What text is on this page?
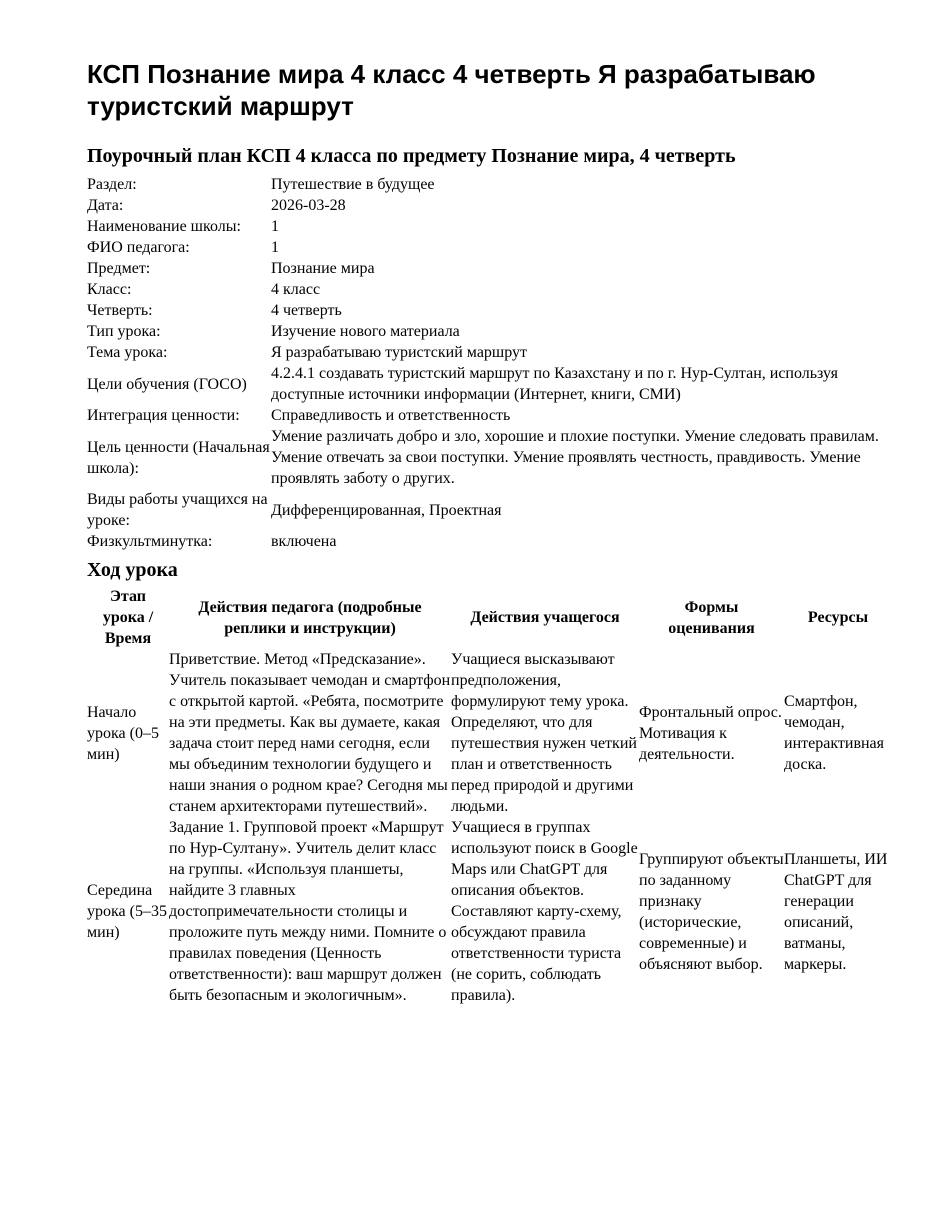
КСП Познание мира 4 класс 4 четверть Я разрабатываю туристский маршрут
Поурочный план КСП 4 класса по предмету Познание мира, 4 четверть
Раздел:	Путешествие в будущее
Дата:	2026-03-28
Наименование школы:	1
ФИО педагога:	1
Предмет:	Познание мира
Класс:	4 класс
Четверть:	4 четверть
Тип урока:	Изучение нового материала
Тема урока:	Я разрабатываю туристский маршрут
Цели обучения (ГОСО)	4.2.4.1 создавать туристский маршрут по Казахстану и по г. Нур-Султан, используя доступные источники информации (Интернет, книги, СМИ)
Интеграция ценности:	Справедливость и ответственность
Цель ценности (Начальная школа):	Умение различать добро и зло, хорошие и плохие поступки. Умение следовать правилам. Умение отвечать за свои поступки. Умение проявлять честность, правдивость. Умение проявлять заботу о других.
Виды работы учащихся на уроке:	Дифференцированная, Проектная
Физкультминутка:	включена
Ход урока
Этап урока / Время	Действия педагога (подробные реплики и инструкции)	Действия учащегося	Формы оценивания	Ресурсы
Начало урока (0–5 мин)	Приветствие. Метод «Предсказание». Учитель показывает чемодан и смартфон с открытой картой. «Ребята, посмотрите на эти предметы. Как вы думаете, какая задача стоит перед нами сегодня, если мы объединим технологии будущего и наши знания о родном крае? Сегодня мы станем архитекторами путешествий».	Учащиеся высказывают предположения, формулируют тему урока. Определяют, что для путешествия нужен четкий план и ответственность перед природой и другими людьми.	Фронтальный опрос. Мотивация к деятельности.	Смартфон, чемодан, интерактивная доска.
Середина урока (5–35 мин)	Задание 1. Групповой проект «Маршрут по Нур-Султану». Учитель делит класс на группы. «Используя планшеты, найдите 3 главных достопримечательности столицы и проложите путь между ними. Помните о правилах поведения (Ценность ответственности): ваш маршрут должен быть безопасным и экологичным».	Учащиеся в группах используют поиск в Google Maps или ChatGPT для описания объектов. Составляют карту-схему, обсуждают правила ответственности туриста (не сорить, соблюдать правила).	Группируют объекты по заданному признаку (исторические, современные) и объясняют выбор.	Планшеты, ИИ ChatGPT для генерации описаний, ватманы, маркеры.
